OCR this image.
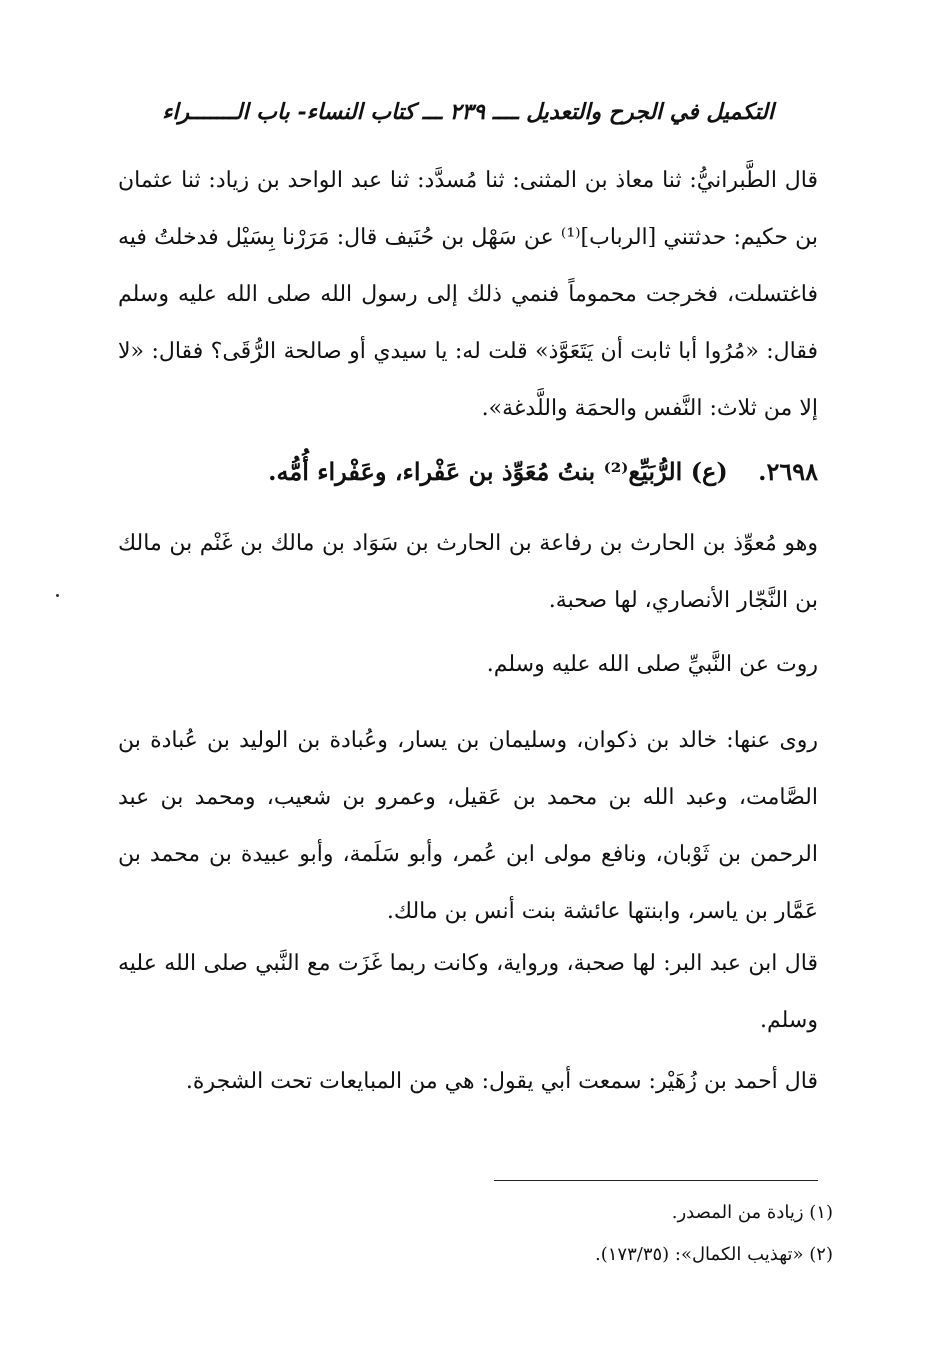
التكميل في الجرح والتعديل ــــ ٢٣٩ ـــ كتاب النساء- باب الـــــــراء
قال الطَّبرانيُّ: ثنا معاذ بن المثنى: ثنا مُسدَّد: ثنا عبد الواحد بن زياد: ثنا عثمان بن حكيم: حدثتني [الرباب]⁽¹⁾ عن سَهْل بن حُنَيف قال: مَرَرْنا بِسَيْل فدخلتُ فيه فاغتسلت، فخرجت محموماً فنمي ذلك إلى رسول الله صلى الله عليه وسلم فقال: «مُرُوا أبا ثابت أن يَتَعَوَّذ» قلت له: يا سيدي أو صالحة الرُّقَى؟ فقال: «لا إلا من ثلاث: النَّفس والحمَة واللَّدغة».
٢٦٩٨. (ع) الرُّبَيِّع⁽²⁾ بنتُ مُعَوِّذ بن عَفْراء، وعَفْراء أُمُّه.
وهو مُعوِّذ بن الحارث بن رفاعة بن الحارث بن سَوَاد بن مالك بن غَنْم بن مالك بن النَّجّار الأنصاري، لها صحبة.
روت عن النَّبيِّ صلى الله عليه وسلم.
روى عنها: خالد بن ذكوان، وسليمان بن يسار، وعُبادة بن الوليد بن عُبادة بن الصَّامت، وعبد الله بن محمد بن عَقيل، وعمرو بن شعيب، ومحمد بن عبد الرحمن بن ثَوْبان، ونافع مولى ابن عُمر، وأبو سَلَمة، وأبو عبيدة بن محمد بن عَمَّار بن ياسر، وابنتها عائشة بنت أنس بن مالك.
قال ابن عبد البر: لها صحبة، ورواية، وكانت ربما غَزَت مع النَّبي صلى الله عليه وسلم.
قال أحمد بن زُهَيْر: سمعت أبي يقول: هي من المبايعات تحت الشجرة.
(١) زيادة من المصدر.
(٢) «تهذيب الكمال»: (١٧٣/٣٥).
